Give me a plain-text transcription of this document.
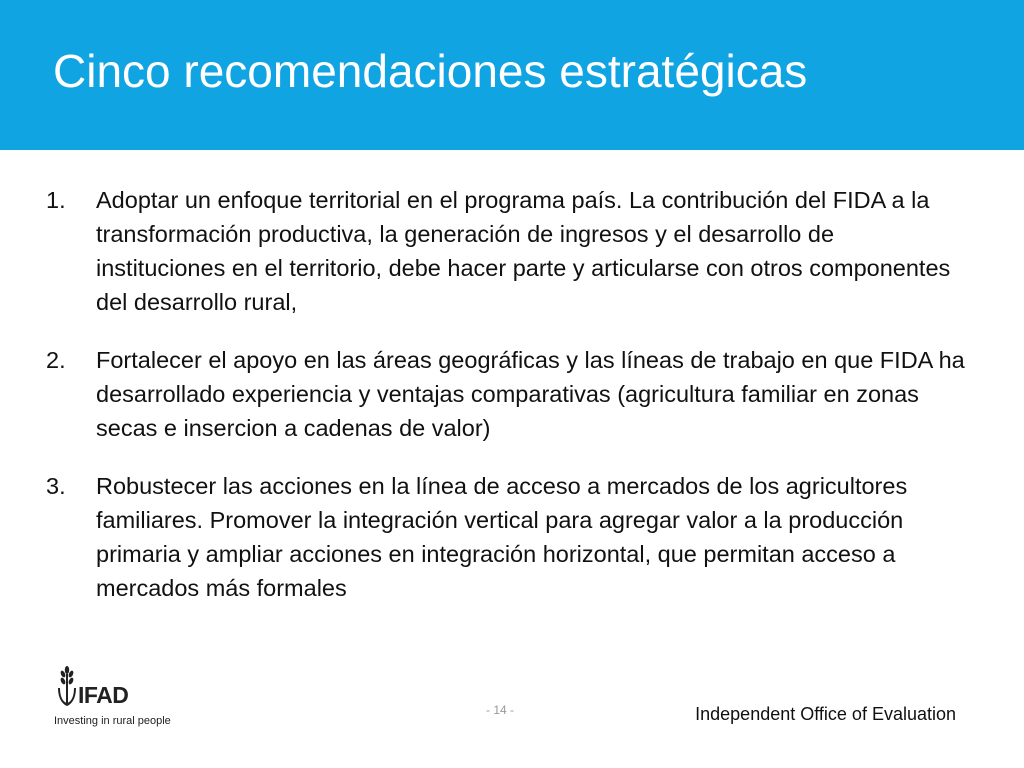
Cinco recomendaciones estratégicas
1. Adoptar un enfoque territorial en el programa país. La contribución del FIDA a la transformación productiva, la generación de ingresos y el desarrollo de instituciones en el territorio, debe hacer parte y articularse con otros componentes del desarrollo rural,
2. Fortalecer el apoyo en las áreas geográficas y las líneas de trabajo en que FIDA ha desarrollado experiencia y ventajas comparativas (agricultura familiar en zonas secas e insercion a cadenas de valor)
3. Robustecer las acciones en la línea de acceso a mercados de los agricultores familiares. Promover la integración vertical para agregar valor a la producción primaria y ampliar acciones en integración horizontal, que permitan acceso a mercados más formales
IFAD
Investing in rural people
- 14 -	Independent Office of Evaluation
